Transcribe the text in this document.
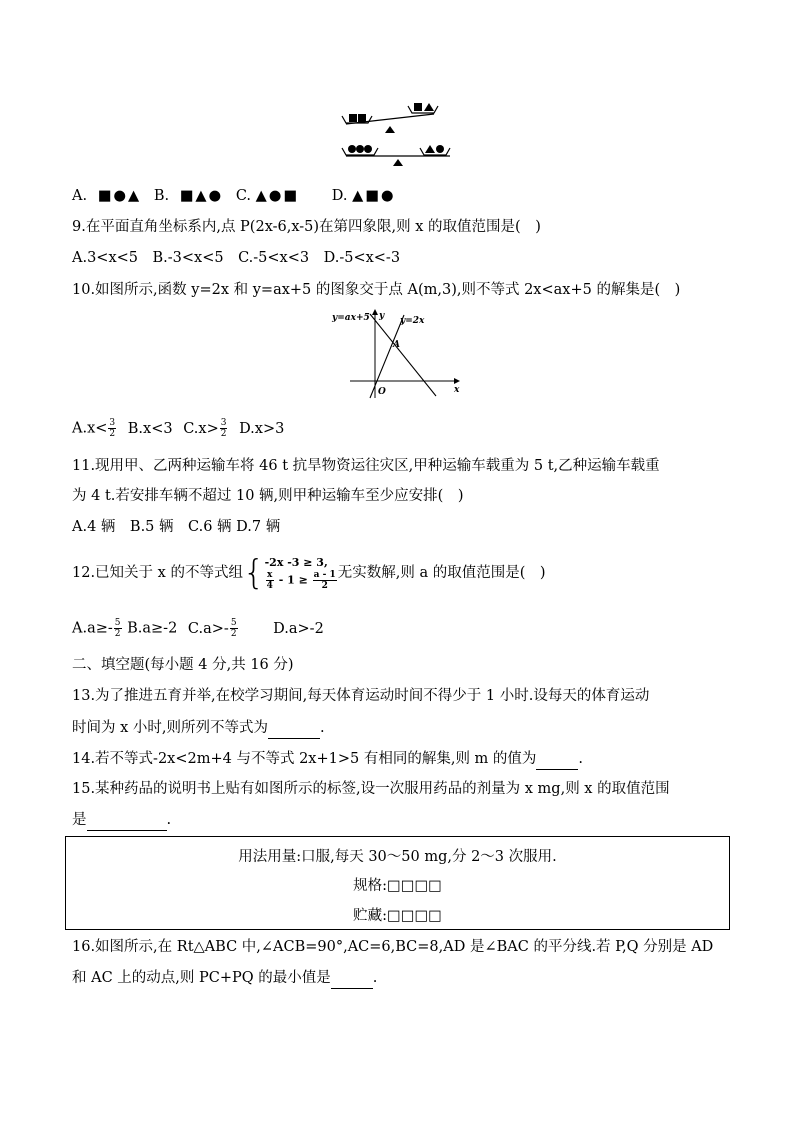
A. ■●▲ B. ■▲● C. ▲●■ D. ▲■●
9.在平面直角坐标系内,点 P(2x-6,x-5)在第四象限,则 x 的取值范围是(　)
A.3<x<5　B.-3<x<5　C.-5<x<3　D.-5<x<-3
10.如图所示,函数 y=2x 和 y=ax+5 的图象交于点 A(m,3),则不等式 2x<ax+5 的解集是(　)
y=ax+5	y=2x
y
x
A
O
$A.x< \frac{3}{2} B.x<3$ $C.x> \frac{3}{2} D.x>3$
11.现用甲、乙两种运输车将 46 t 抗旱物资运往灾区,甲种运输车载重为 5 t,乙种运输车载重
为 4 t.若安排车辆不超过 10 辆,则甲种运输车至少应安排(　)
A.4 辆　B.5 辆　C.6 辆 D.7 辆
12.已知关于 x 的不等式组{ -2x -3 ≥ 3,
$\frac{x}{4} - 1 \ge \frac{a - 1}{2}$ 无实数解,则 a 的取值范围是(　)
$A.a\ge- \frac{5}{2} B.a\ge-2$ $C.a>- \frac{5}{2} D.a>-2$
二、填空题(每小题 4 分,共 16 分)
13.为了推进五育并举,在校学习期间,每天体育运动时间不得少于 1 小时.设每天的体育运动
时间为 x 小时,则所列不等式为	.
14.若不等式-2x<2m+4 与不等式 2x+1>5 有相同的解集,则 m 的值为	.
15.某种药品的说明书上贴有如图所示的标签,设一次服用药品的剂量为 x mg,则 x 的取值范围
是	.
用法用量:口服,每天 30～50 mg,分 2～3 次服用.
规格:□□□□
贮藏:□□□□
16.如图所示,在 Rt△ABC 中,∠ACB=90°,AC=6,BC=8,AD 是∠BAC 的平分线.若 P,Q 分别是 AD
和 AC 上的动点,则 PC+PQ 的最小值是	.
